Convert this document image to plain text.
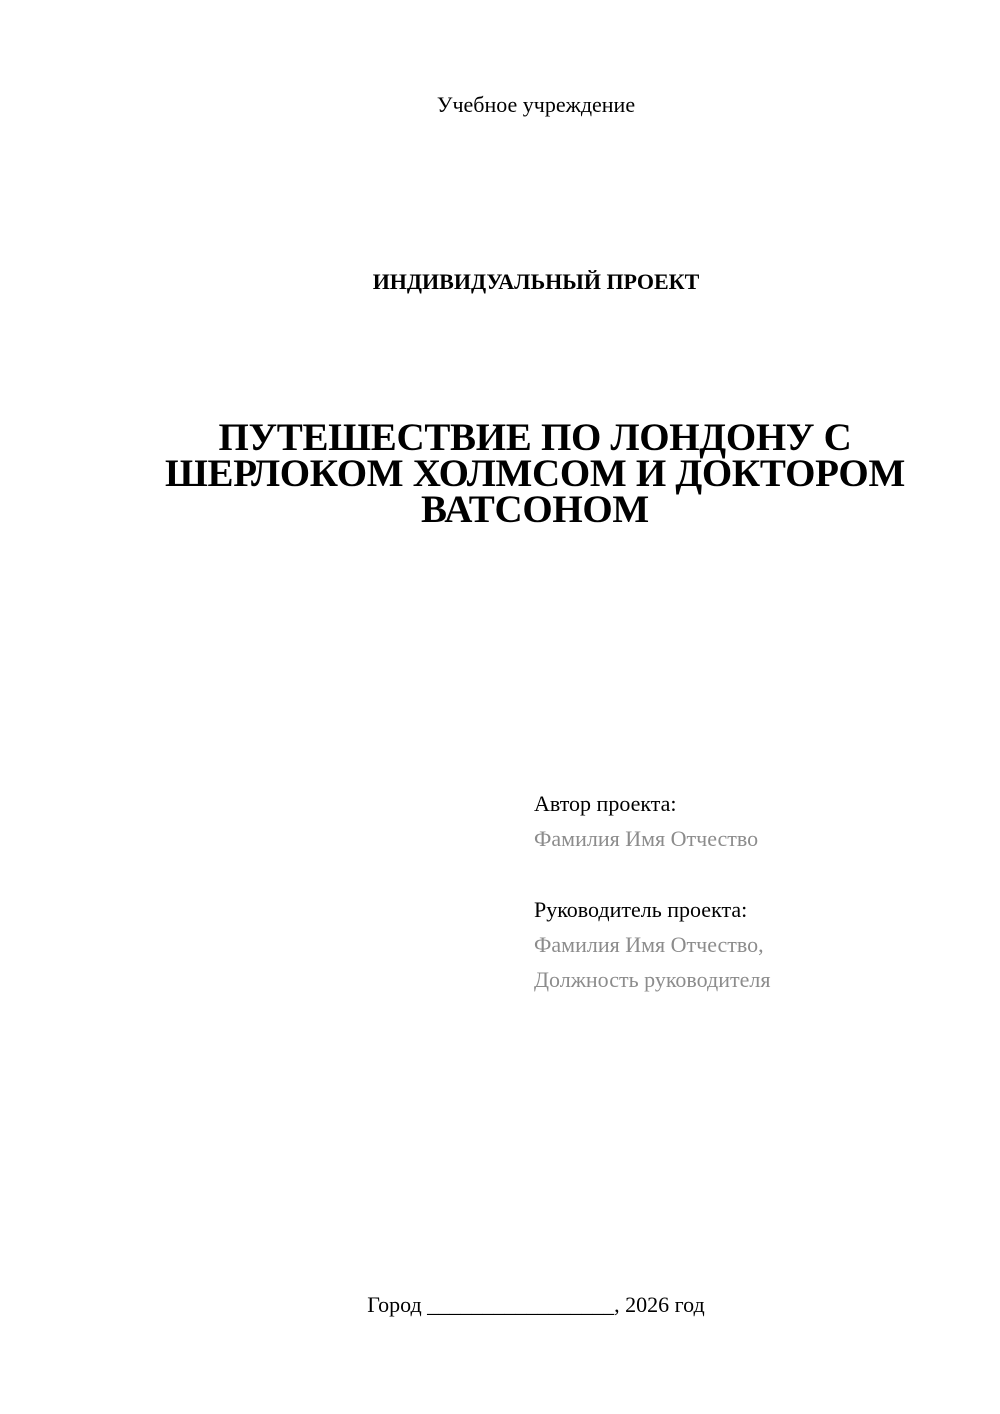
Учебное учреждение
ИНДИВИДУАЛЬНЫЙ ПРОЕКТ
ПУТЕШЕСТВИЕ ПО ЛОНДОНУ С
ШЕРЛОКОМ ХОЛМСОМ И ДОКТОРОМ
ВАТСОНОМ
Автор проекта:
Фамилия Имя Отчество
Руководитель проекта:
Фамилия Имя Отчество,
Должность руководителя
Город _________________, 2026 год
